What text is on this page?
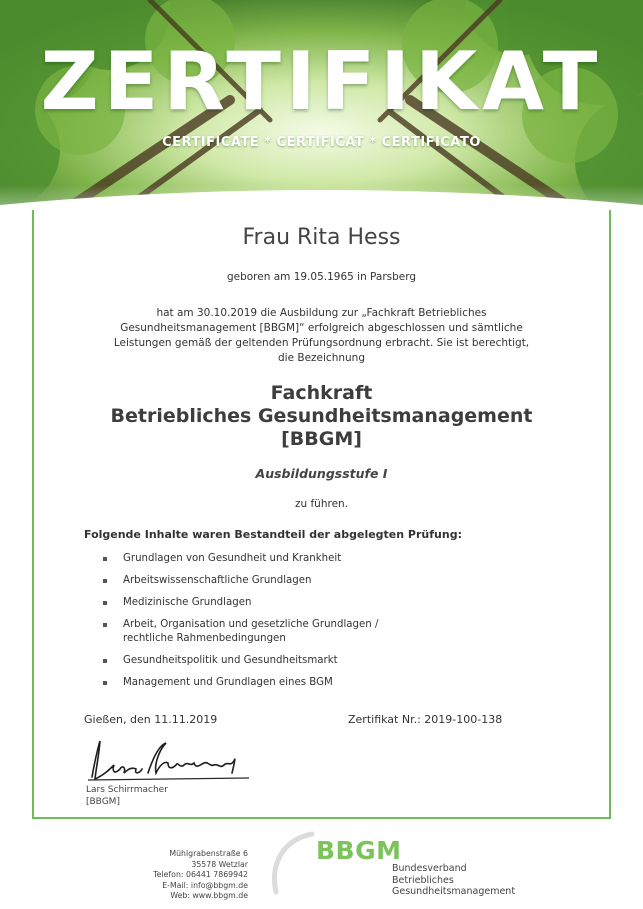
ZERTIFIKAT
CERTIFICATE * CERTIFICAT * CERTIFICATO
Frau Rita Hess
geboren am 19.05.1965 in Parsberg
hat am 30.10.2019 die Ausbildung zur „Fachkraft Betriebliches
Gesundheitsmanagement [BBGM]“ erfolgreich abgeschlossen und sämtliche
Leistungen gemäß der geltenden Prüfungsordnung erbracht. Sie ist berechtigt,
die Bezeichnung
Fachkraft
Betriebliches Gesundheitsmanagement
[BBGM]
Ausbildungsstufe I
zu führen.
Folgende Inhalte waren Bestandteil der abgelegten Prüfung:
Grundlagen von Gesundheit und Krankheit
Arbeitswissenschaftliche Grundlagen
Medizinische Grundlagen
Arbeit, Organisation und gesetzliche Grundlagen / rechtliche Rahmenbedingungen
Gesundheitspolitik und Gesundheitsmarkt
Management und Grundlagen eines BGM
Gießen, den 11.11.2019	Zertifikat Nr.: 2019-100-138
Lars Schirrmacher
[BBGM]
Mühlgrabenstraße 6
35578 Wetzlar
Telefon: 06441 7869942
E-Mail: info@bbgm.de
Web: www.bbgm.de
BBGM
Bundesverband
Betriebliches
Gesundheitsmanagement
